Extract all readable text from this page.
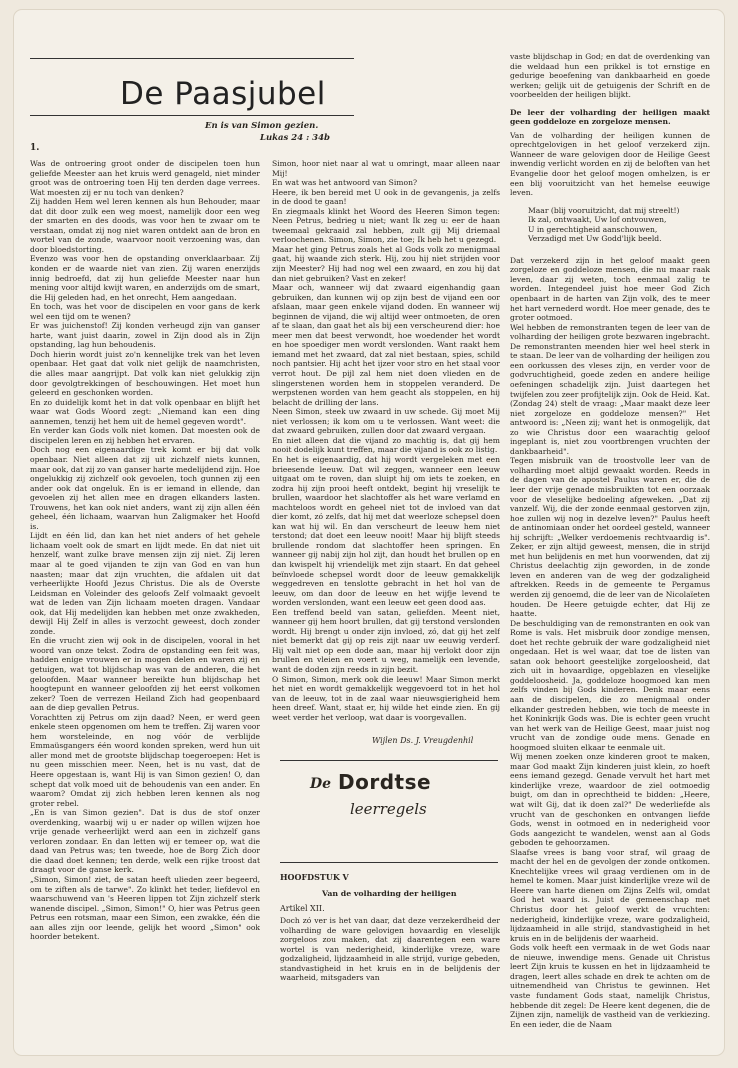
De Paasjubel
1.
En is van Simon gezien.
Lukas 24 : 34b

Was de ontroering groot onder de discipelen toen hun geliefde Meester aan het kruis werd genageld, niet minder groot was de ontroering toen Hij ten derden dage verrees. Wat moesten zij er nu toch van denken?

Zij hadden Hem wel leren kennen als hun Behouder, maar dat dit door zulk een weg moest, namelijk door een weg der smarten en des doods, was voor hen te zwaar om te verstaan, omdat zij nog niet waren ontdekt aan de bron en wortel van de zonde, waarvoor nooit verzoening was, dan door bloedstorting.

Evenzo was voor hen de opstanding onverklaarbaar. Zij konden er de waarde niet van zien. Zij waren enerzijds innig bedroefd, dat zij hun geliefde Meester naar hun mening voor altijd kwijt waren, en anderzijds om de smart, die Hij geleden had, en het onrecht, Hem aangedaan.

En toch, was het voor de discipelen en voor gans de kerk wel een tijd om te wenen?

Er was juichenstof! Zij konden verheugd zijn van ganser harte, want juist daarin, zowel in Zijn dood als in Zijn opstanding, lag hun behoudenis.

Doch hierin wordt juist zo'n kennelijke trek van het leven openbaar. Het gaat dat volk niet gelijk de naamchristen, die alles maar aangrijpt. Dat volk kan niet gelukkig zijn door gevolgtrekkingen of beschouwingen. Het moet hun geleerd en geschonken worden.

En zo duidelijk komt het in dat volk openbaar en blijft het waar wat Gods Woord zegt: „Niemand kan een ding aannemen, tenzij het hem uit de hemel gegeven wordt".

En verder kan Gods volk niet komen. Dat moesten ook de discipelen leren en zij hebben het ervaren.

Doch nog een eigenaardige trek komt er bij dat volk openbaar. Niet alleen dat zij uit zichzelf niets kunnen, maar ook, dat zij zo van ganser harte medelijdend zijn. Hoe ongelukkig zij zichzelf ook gevoelen, toch gunnen zij een ander ook dat ongeluk. En is er iemand in ellende, dan gevoelen zij het allen mee en dragen elkanders lasten. Trouwens, het kan ook niet anders, want zij zijn allen één geheel, één lichaam, waarvan hun Zaligmaker het Hoofd is.

Lijdt en één lid, dan kan het niet anders of het gehele lichaam voelt ook de smart en lijdt mede. En dat niet uit henzelf, want zulke brave mensen zijn zij niet. Zij leren maar al te goed vijanden te zijn van God en van hun naasten; maar dat zijn vruchten, die afdalen uit dat verheerlijkte Hoofd Jezus Christus. Die als de Overste Leidsman en Voleinder des geloofs Zelf volmaakt gevoelt wat de leden van Zijn lichaam moeten dragen. Vandaar ook, dat Hij medelijden kan hebben met onze zwakheden, dewijl Hij Zelf in alles is verzocht geweest, doch zonder zonde.

En die vrucht zien wij ook in de discipelen, vooral in het woord van onze tekst. Zodra de opstanding een feit was, hadden enige vrouwen er in mogen delen en waren zij en getuigen, wat tot blijdschap was van de anderen, die het geloofden. Maar wanneer bereikte hun blijdschap het hoogtepunt en wanneer geloofden zij het eerst volkomen zeker? Toen de verrezen Heiland Zich had geopenbaard aan de diep gevallen Petrus.

Vorachtten zij Petrus om zijn daad? Neen, er werd geen enkele steen opgenomen om hem te treffen. Zij waren voor hem worsteleinde, en nog vóór de verblijde Emmaüsgangers één woord konden spreken, werd hun uit aller mond met de grootste blijdschap toegeroepen: Het is nu geen misschien meer. Neen, het is nu vast, dat de Heere opgestaan is, want Hij is van Simon gezien! O, dan schept dat volk moed uit de behoudenis van een ander. En waarom? Omdat zij zich hebben leren kennen als nog groter rebel.

„En is van Simon gezien". Dat is dus de stof onzer overdenking, waarbij wij u er nader op willen wijzen hoe vrije genade verheerlijkt werd aan een in zichzelf gans verloren zondaar. En dan letten wij er temeer op, wat die daad van Petrus was; ten tweede, hoe de Borg Zich door die daad doet kennen; ten derde, welk een rijke troost dat draagt voor de ganse kerk.

„Simon, Simon! ziet, de satan heeft ulieden zeer begeerd, om te ziften als de tarwe". Zo klinkt het teder, liefdevol en waarschuwend van 's Heeren lippen tot Zijn zichzelf sterk wanende discipel. „Simon, Simon!" O, hier was Petrus geen Petrus een rotsman, maar een Simon, een zwakke, één die aan alles zijn oor leende, gelijk het woord „Simon" ook hoorder betekent.

Simon, hoor niet naar al wat u omringt, maar alleen naar Mij!

En wat was het antwoord van Simon?

Heere, ik ben bereid met U ook in de gevangenis, ja zelfs in de dood te gaan!

En ziegmaals klinkt het Woord des Heeren Simon tegen: Neen Petrus, bedrieg u niet; want Ik zeg u: eer de haan tweemaal gekraaid zal hebben, zult gij Mij driemaal verloochenen. Simon, Simon, zie toe; Ik heb het u gezegd.

Maar het ging Petrus zoals het al Gods volk zo menigmaal gaat, hij waande zich sterk. Hij, zou hij niet strijden voor zijn Meester? Hij had nog wel een zwaard, en zou hij dat dan niet gebruiken? Vast en zeker!

Maar och, wanneer wij dat zwaard eigenhandig gaan gebruiken, dan kunnen wij op zijn best de vijand een oor afslaan, maar geen enkele vijand doden. En wanneer wij beginnen de vijand, die wij altijd weer ontmoeten, de oren af te slaan, dan gaat het als bij een verscheurend dier: hoe meer men dat beest verwondt, hoe woedender het wordt en hoe spoediger men wordt verslonden. Want raakt hem iemand met het zwaard, dat zal niet bestaan, spies, schild noch pantsier. Hij acht het ijzer voor stro en het staal voor verrot hout. De pijl zal hem niet doen vlieden en de slingerstenen worden hem in stoppelen veranderd. De werpstenen worden van hem geacht als stoppelen, en hij belacht de drilling der lans.

Neen Simon, steek uw zwaard in uw schede. Gij moet Mij niet verlossen; ik kom om u te verlossen. Want weet: die dat zwaard gebruiken, zullen door dat zwaard vergaan.

En niet alleen dat die vijand zo machtig is, dat gij hem nooit dodelijk kunt treffen, maar die vijand is ook zo listig.

En het is eigenaardig, dat hij wordt vergeleken met een brieesende leeuw. Dat wil zeggen, wanneer een leeuw uitgaat om te roven, dan sluipt hij om iets te zoeken, en zodra hij zijn prooi heeft ontdekt, begint hij vreselijk te brullen, waardoor het slachtoffer als het ware verlamd en machteloos wordt en geheel niet tot de invloed van dat dier komt, zó zelfs, dat hij met dat weerloze schepsel doen kan wat hij wil. En dan verscheurt de leeuw hem niet terstond; dat doet een leeuw nooit! Maar hij blijft steeds brullende rondom dat slachtoffer heen springen. En wanneer gij nabij zijn hol zijt, dan houdt het brullen op en dan kwispelt hij vriendelijk met zijn staart. En dat geheel beïnvloede schepsel wordt door de leeuw gemakkelijk weggedreven en tenslotte gebracht in het hol van de leeuw, om dan door de leeuw en het wijfje levend te worden verslonden, want een leeuw eet geen dood aas.

Een treffend beeld van satan, geliefden. Meent niet, wanneer gij hem hoort brullen, dat gij terstond verslonden wordt. Hij brengt u onder zijn invloed, zó, dat gij het zelf niet bemerkt dat gij op reis zijt naar uw eeuwig verderf. Hij valt niet op een dode aan, maar hij verlokt door zijn brullen en vleien en voert u weg, namelijk een levende, want de doden zijn reeds in zijn bezit.

O Simon, Simon, merk ook die leeuw! Maar Simon merkt het niet en wordt gemakkelijk weggevoerd tot in het hol van de leeuw, tot in de zaal waar nieuwsgierigheid hem heen dreef. Want, staat er, hij wilde het einde zien. En gij weet verder het verloop, wat daar is voorgevallen.

Wijlen Ds. J. Vreugdenhil
De Dordtse
leerregels
HOOFDSTUK V
Van de volharding der heiligen
Artikel XII.

Doch zó ver is het van daar, dat deze verzekerdheid der volharding de ware gelovigen hovaardig en vleselijk zorgeloos zou maken, dat zij daarentegen een ware wortel is van nederigheid, kinderlijke vreze, ware godzaligheid, lijdzaamheid in alle strijd, vurige gebeden, standvastigheid in het kruis en in de belijdenis der waarheid, mitsgaders van

vaste blijdschap in God; en dat de overdenking van die weldaad hun een prikkel is tot ernstige en gedurige beoefening van dankbaarheid en goede werken; gelijk uit de getuigenis der Schrift en de voorbeelden der heiligen blijkt.

De leer der volharding der heiligen maakt geen goddeloze en zorgeloze mensen.

Van de volharding der heiligen kunnen de oprechtgelovigen in het geloof verzekerd zijn. Wanneer de ware gelovigen door de Heilige Geest inwendig verlicht worden en zij de beloften van het Evangelie door het geloof mogen omhelzen, is er een blij vooruitzicht van het hemelse eeuwige leven.

Maar (blij vooruitzicht, dat mij streelt!)
Ik zal, ontwaakt, Uw lof ontvouwen,
U in gerechtigheid aanschouwen,
Verzadigd met Uw Godd'lijk beeld.

Dat verzekerd zijn in het geloof maakt geen zorgeloze en goddeloze mensen, die nu maar raak leven, daar zij weten, toch eenmaal zalig te worden. Integendeel juist hoe meer God Zich openbaart in de harten van Zijn volk, des te meer het hart vernederd wordt. Hoe meer genade, des te groter ootmoed.

Wel hebben de remonstranten tegen de leer van de volharding der heiligen grote bezwaren ingebracht. De remonstranten meenden hier wel heel sterk in te staan. De leer van de volharding der heiligen zou een oorkussen des vleses zijn, en verder voor de godvruchtigheid, goede zeden en andere heilige oefeningen schadelijk zijn. Juist daartegen het twijfelen zou zeer profijtelijk zijn. Ook de Heid. Kat. (Zondag 24) stelt de vraag: „Maar maakt deze leer niet zorgeloze en goddeloze mensen?" Het antwoord is: „Neen zij; want het is onmogelijk, dat zo wie Christus door een waarachtig geloof ingeplant is, niet zou voortbrengen vruchten der dankbaarheid".

Tegen misbruik van de troostvolle leer van de volharding moet altijd gewaakt worden. Reeds in de dagen van de apostel Paulus waren er, die de leer der vrije genade misbruikten tot een oorzaak voor de vleselijke bedoeling afgeweken. „Dat zij vanzelf. Wij, die der zonde eenmaal gestorven zijn, hoe zullen wij nog in dezelve leven?" Paulus heeft de antinomiaan onder het oordeel gesteld, wanneer hij schrijft: „Welker verdoemenis rechtvaardig is". Zeker, er zijn altijd geweest, mensen, die in strijd met hun belijdenis en met hun voorwenden, dat zij Christus deelachtig zijn geworden, in de zonde leven en anderen van de weg der godzaligheid aftrekken. Reeds in de gemeente te Pergamus werden zij genoemd, die de leer van de Nicolaïeten houden. De Heere getuigde echter, dat Hij ze haatte.

De beschuldiging van de remonstranten en ook van Rome is vals. Het misbruik door zondige mensen, doet het rechte gebruik der ware godzaligheid niet ongedaan. Het is wel waar, dat toe de listen van satan ook behoort geestelijke zorgeloosheid, dat zich uit in hovaardige, opgeblazen en vleselijke goddeloosheid. Ja, goddeloze hoogmoed kan men zelfs vinden bij Gods kinderen. Denk maar eens aan de discipelen, die zo menigmaal onder elkander gestreden hebben, wie toch de meeste in het Koninkrijk Gods was. Die is echter geen vrucht van het werk van de Heilige Geest, maar juist nog vrucht van de zondige oude mens. Genade en hoogmoed sluiten elkaar te eenmale uit.

Wij menen zoeken onze kinderen groot te maken, maar God maakt Zijn kinderen juist klein, zo hoeft eens iemand gezegd. Genade vervult het hart met kinderlijke vreze, waardoor de ziel ootmoedig buigt, om dan in oprechtheid te bidden: „Heere, wat wilt Gij, dat ik doen zal?" De wederliefde als vrucht van de geschonken en ontvangen liefde Gods, wenst in ootmoed en in nederigheid voor Gods aangezicht te wandelen, wenst aan al Gods geboden te gehoorzamen.

Slaafse vrees is bang voor straf, wil graag de macht der hel en de gevolgen der zonde ontkomen. Knechtelijke vrees wil graag verdienen om in de hemel te komen. Maar juist kinderlijke vreze wil de Heere van harte dienen om Zijns Zelfs wil, omdat God het waard is. Juist de gemeenschap met Christus door het geloof werkt de vruchten: nederigheid, kinderlijke vreze, ware godzaligheid, lijdzaamheid in alle strijd, standvastigheid in het kruis en in de belijdenis der waarheid.

Gods volk heeft een vermaak in de wet Gods naar de nieuwe, inwendige mens. Genade uit Christus leert Zijn kruis te kussen en het in lijdzaamheid te dragen, leert alles schade en drek te achten om de uitnemendheid van Christus te gewinnen. Het vaste fundament Gods staat, namelijk Christus, hebbende dit zegel: De Heere kent degenen, die de Zijnen zijn, namelijk de vastheid van de verkiezing. En een ieder, die de Naam
